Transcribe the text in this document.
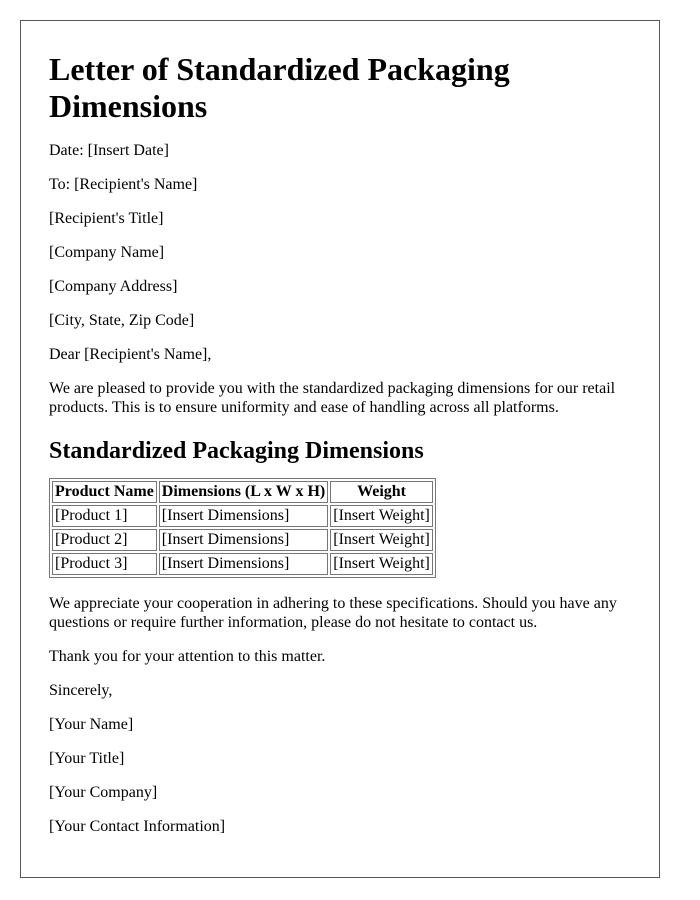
Letter of Standardized Packaging Dimensions

Date: [Insert Date]

To: [Recipient's Name]

[Recipient's Title]

[Company Name]

[Company Address]

[City, State, Zip Code]

Dear [Recipient's Name],

We are pleased to provide you with the standardized packaging dimensions for our retail products. This is to ensure uniformity and ease of handling across all platforms.

Standardized Packaging Dimensions
Product Name	Dimensions (L x W x H)	Weight
[Product 1]	[Insert Dimensions]	[Insert Weight]
[Product 2]	[Insert Dimensions]	[Insert Weight]
[Product 3]	[Insert Dimensions]	[Insert Weight]

We appreciate your cooperation in adhering to these specifications. Should you have any questions or require further information, please do not hesitate to contact us.

Thank you for your attention to this matter.

Sincerely,

[Your Name]

[Your Title]

[Your Company]

[Your Contact Information]
